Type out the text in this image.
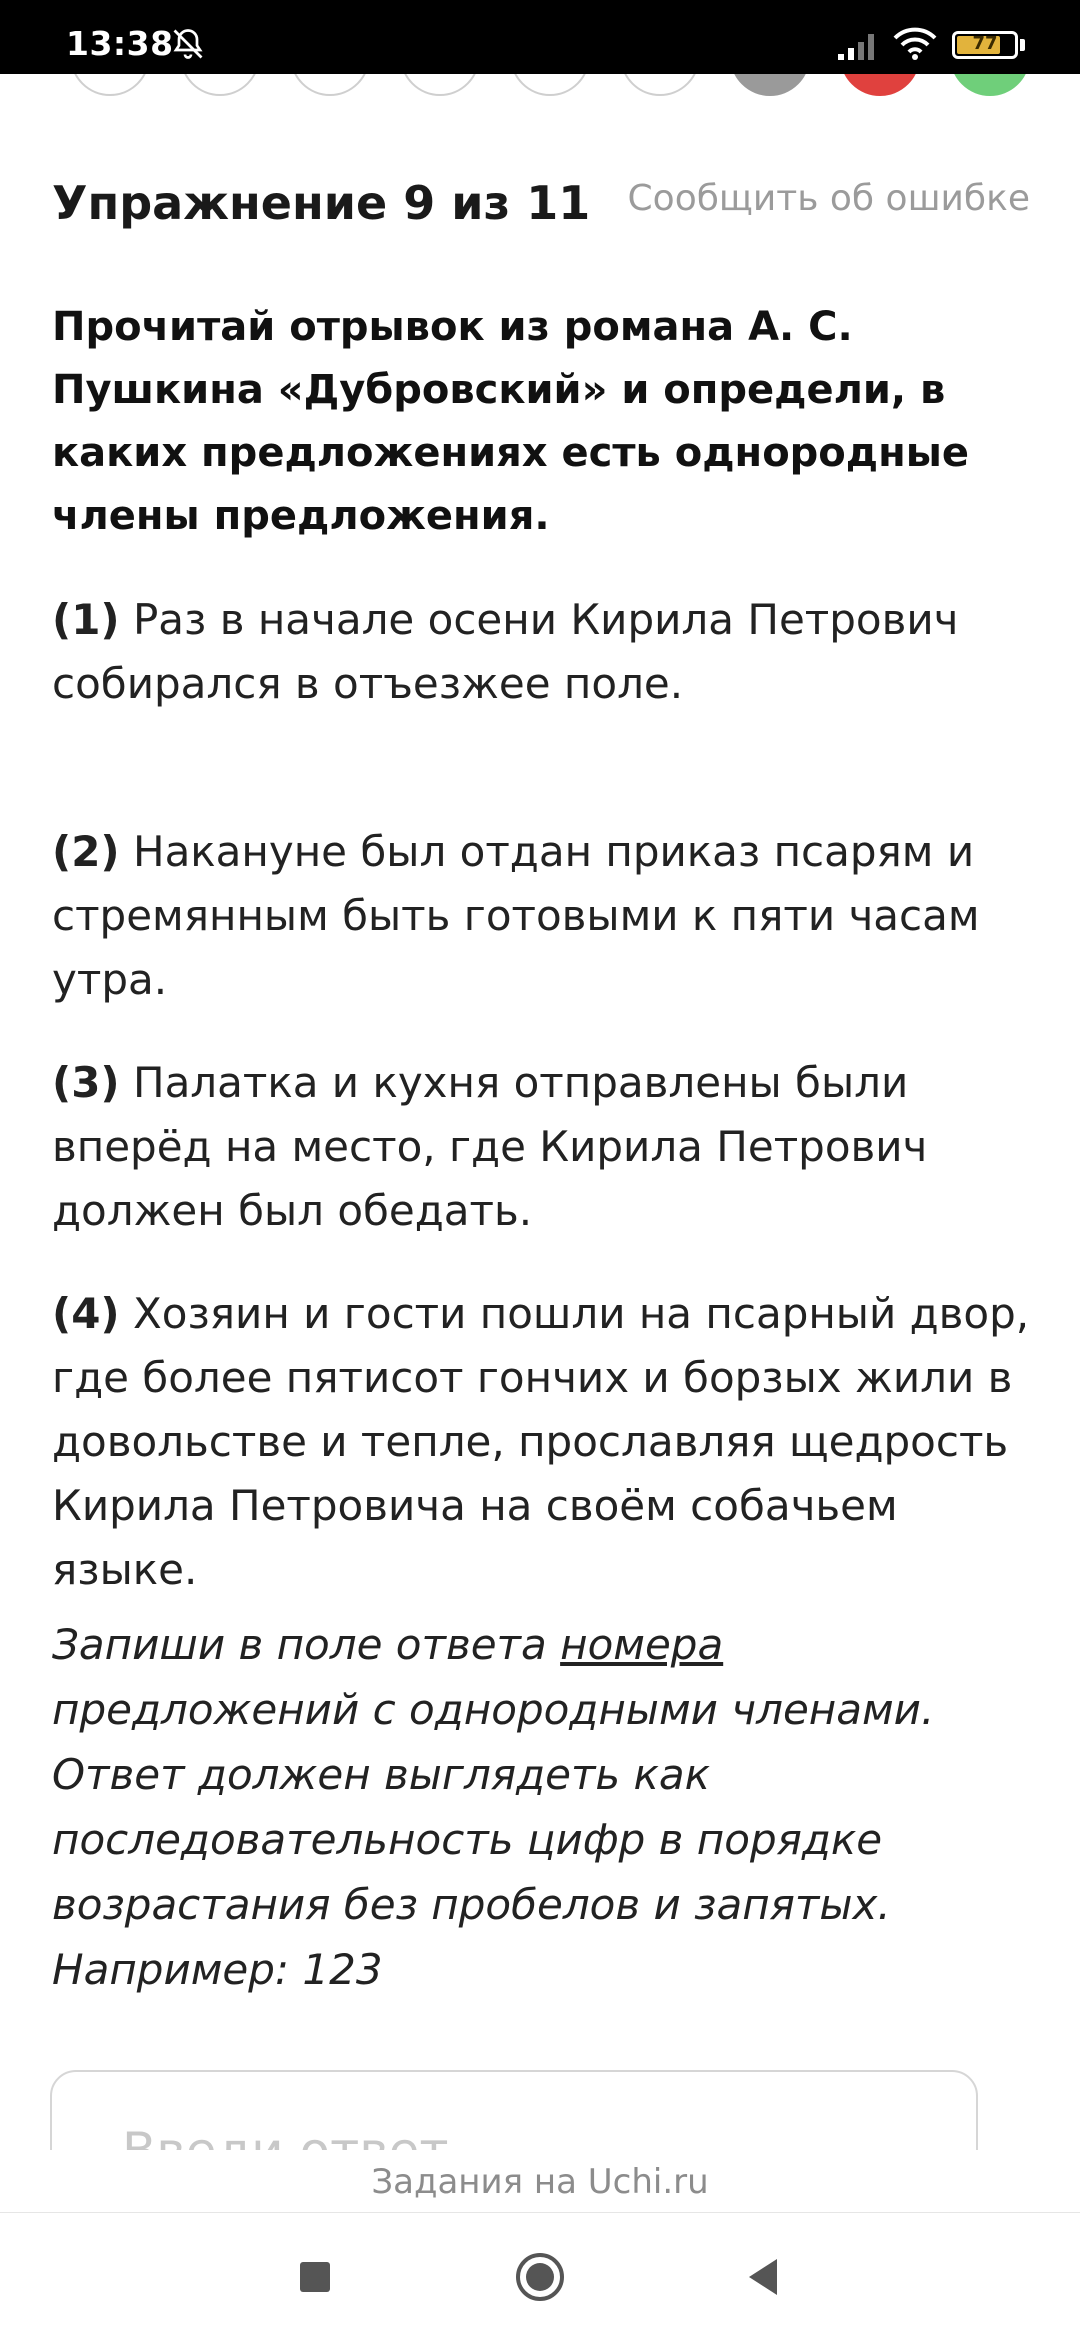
13:38	77
Упражнение 9 из 11 Сообщить об ошибке
Прочитай отрывок из романа А. С. Пушкина «Дубровский» и определи, в каких предложениях есть однородные члены предложения.
(1) Раз в начале осени Кирила Петрович собирался в отъезжее поле.
(2) Накануне был отдан приказ псарям и стремянным быть готовыми к пяти часам утра.
(3) Палатка и кухня отправлены были вперёд на место, где Кирила Петрович должен был обедать.
(4) Хозяин и гости пошли на псарный двор, где более пятисот гончих и борзых жили в довольстве и тепле, прославляя щедрость Кирила Петровича на своём собачьем языке.
Запиши в поле ответа номера предложений с однородными членами. Ответ должен выглядеть как последовательность цифр в порядке возрастания без пробелов и запятых. Например: 123
Введи ответ
Задания на Uchi.ru
